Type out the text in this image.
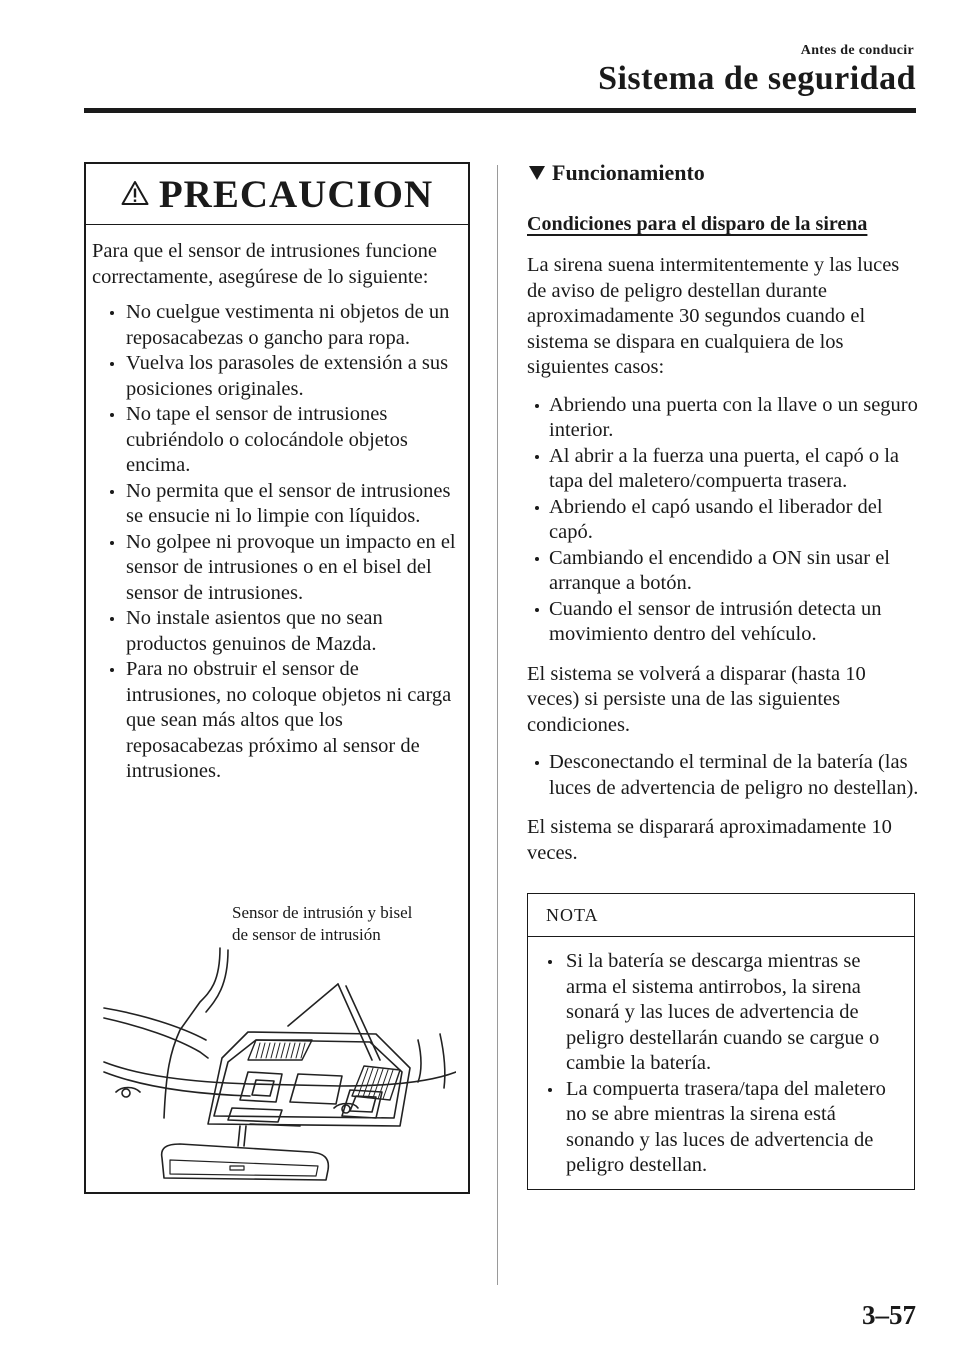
Antes de conducir
Sistema de seguridad
PRECAUCION

Para que el sensor de intrusiones funcione correctamente, asegúrese de lo siguiente:

No cuelgue vestimenta ni objetos de un reposacabezas o gancho para ropa.
Vuelva los parasoles de extensión a sus posiciones originales.
No tape el sensor de intrusiones cubriéndolo o colocándole objetos encima.
No permita que el sensor de intrusiones se ensucie ni lo limpie con líquidos.
No golpee ni provoque un impacto en el sensor de intrusiones o en el bisel del sensor de intrusiones.
No instale asientos que no sean productos genuinos de Mazda.
Para no obstruir el sensor de intrusiones, no coloque objetos ni carga que sean más altos que los reposacabezas próximo al sensor de intrusiones.
Sensor de intrusión y bisel
de sensor de intrusión
Funcionamiento
Condiciones para el disparo de la sirena

La sirena suena intermitentemente y las luces de aviso de peligro destellan durante aproximadamente 30 segundos cuando el sistema se dispara en cualquiera de los siguientes casos:

Abriendo una puerta con la llave o un seguro interior.
Al abrir a la fuerza una puerta, el capó o la tapa del maletero/compuerta trasera.
Abriendo el capó usando el liberador del capó.
Cambiando el encendido a ON sin usar el arranque a botón.
Cuando el sensor de intrusión detecta un movimiento dentro del vehículo.

El sistema se volverá a disparar (hasta 10 veces) si persiste una de las siguientes condiciones.

Desconectando el terminal de la batería (las luces de advertencia de peligro no destellan).

El sistema se disparará aproximadamente 10 veces.

NOTA
Si la batería se descarga mientras se arma el sistema antirrobos, la sirena sonará y las luces de advertencia de peligro destellarán cuando se cargue o cambie la batería.
La compuerta trasera/tapa del maletero no se abre mientras la sirena está sonando y las luces de advertencia de peligro destellan.
3–57
